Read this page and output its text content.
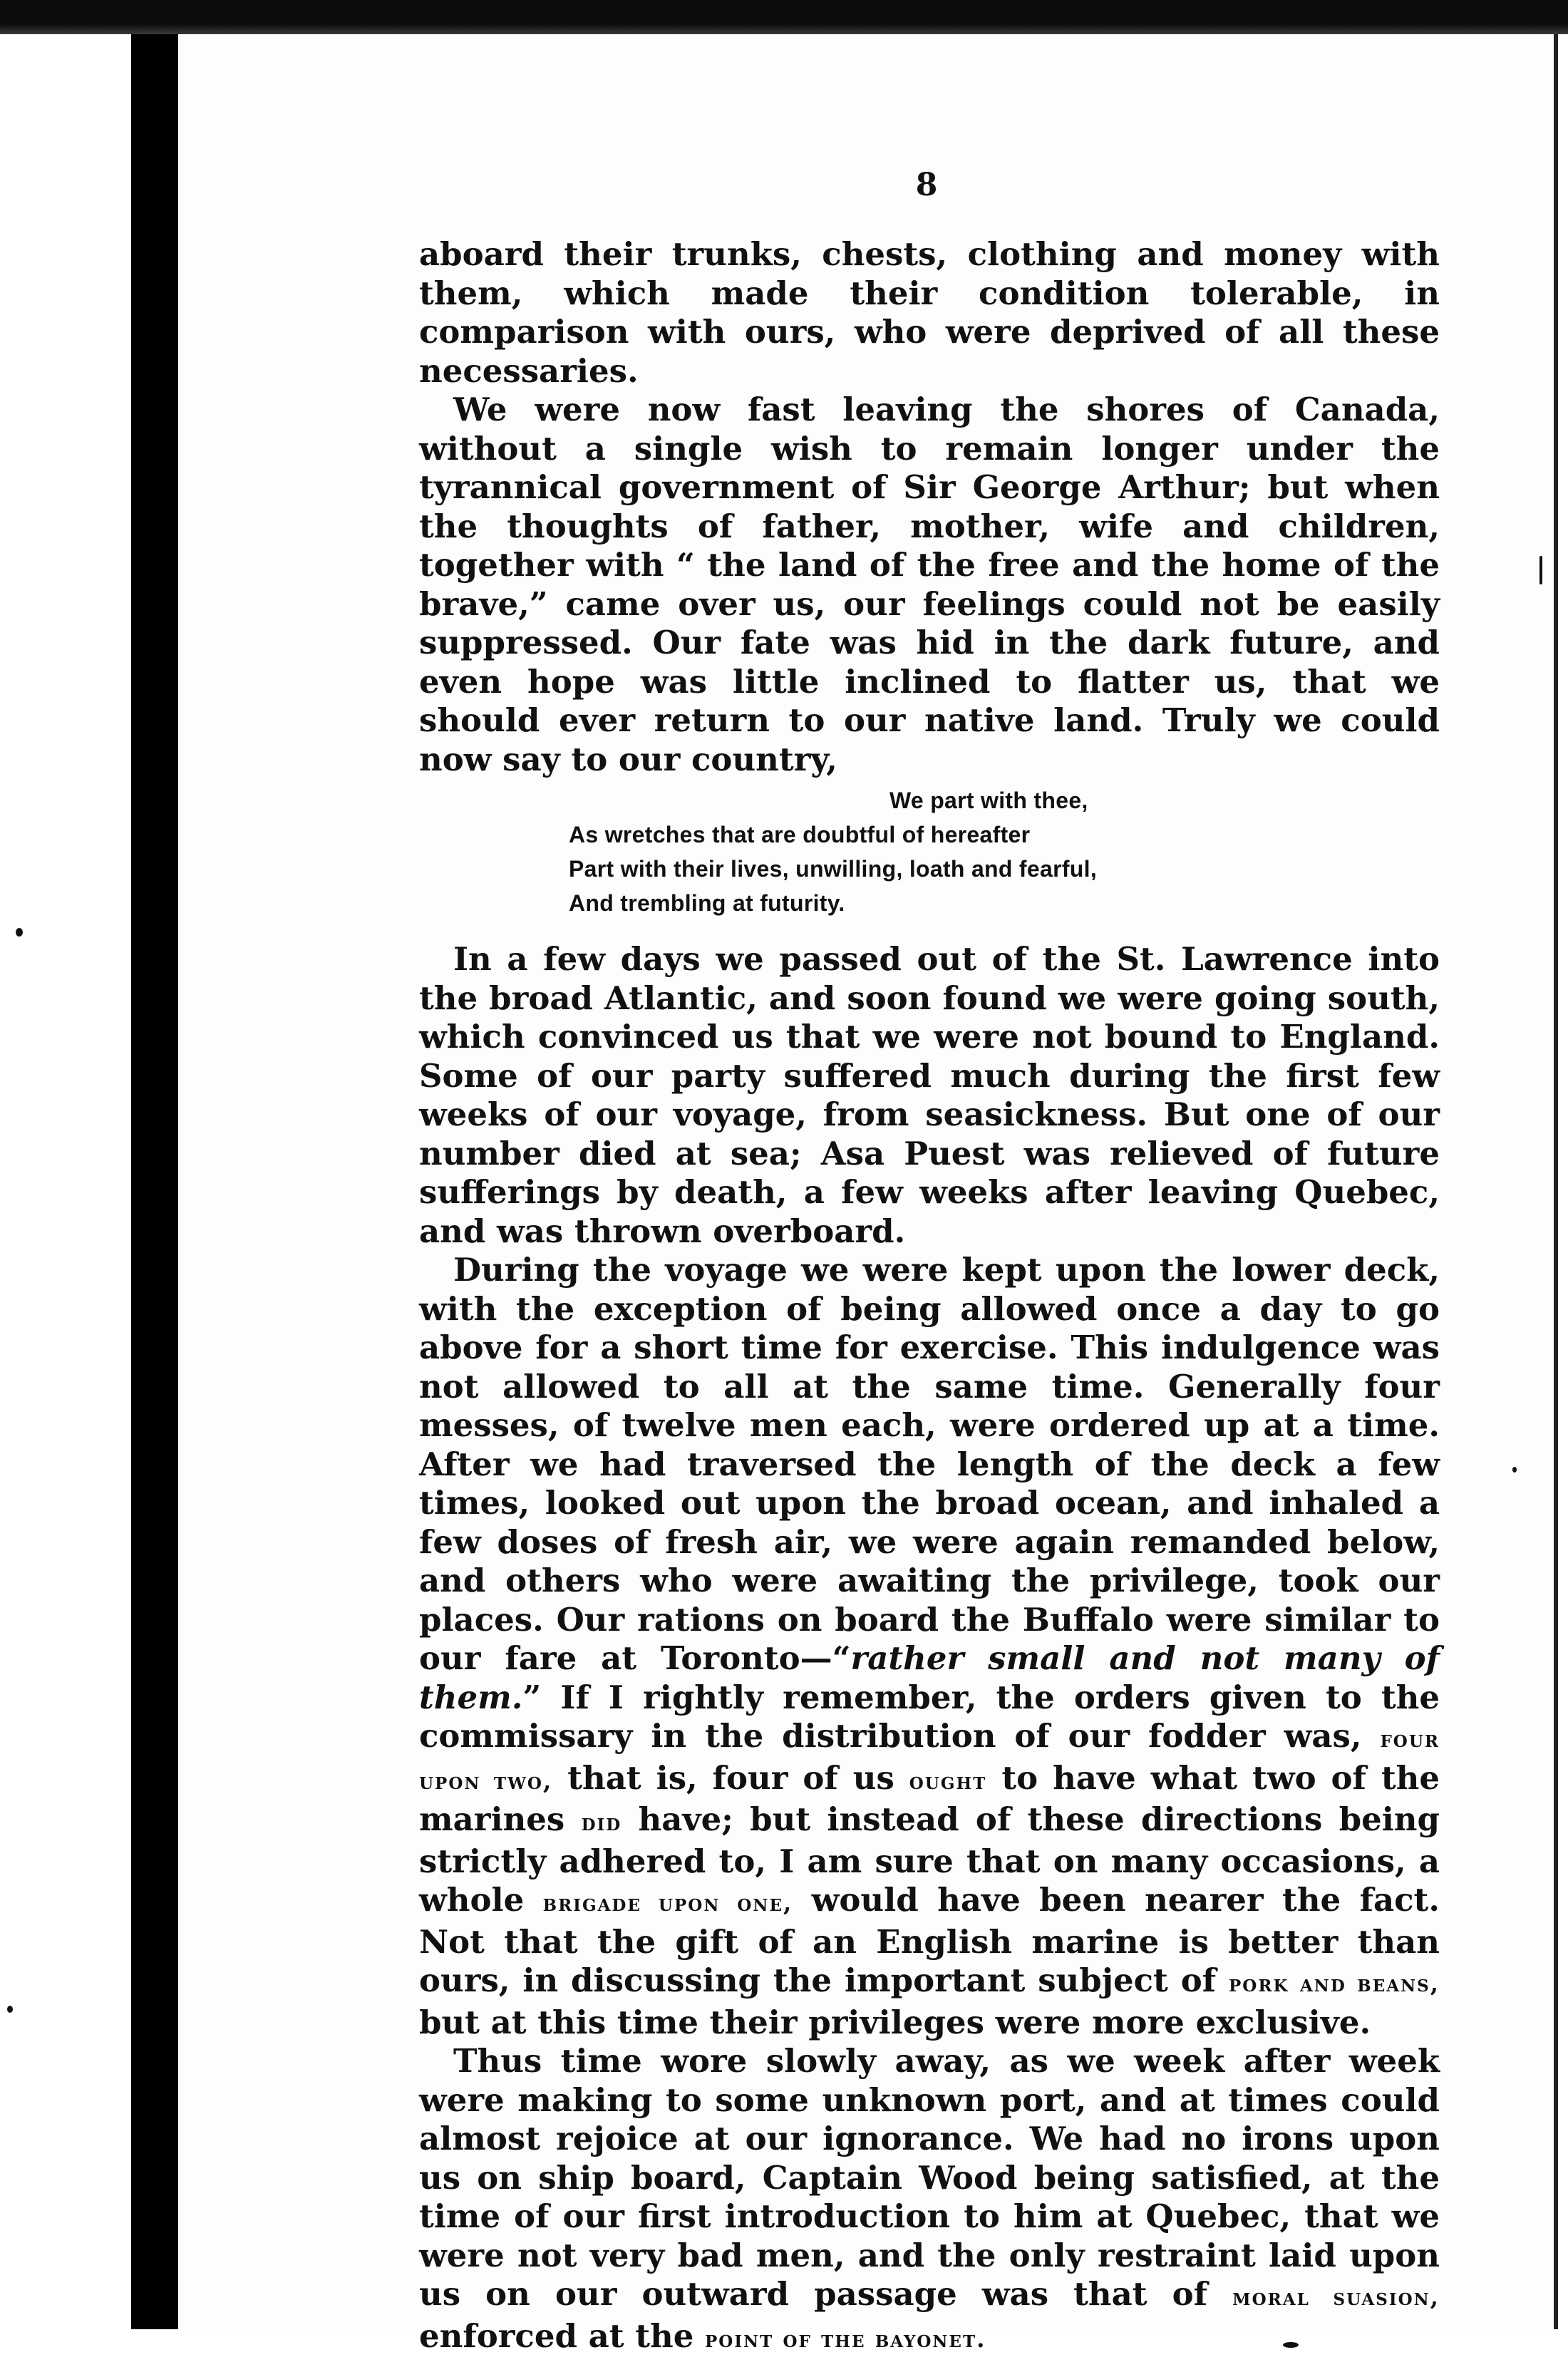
8

aboard their trunks, chests, clothing and money with them, which made their condition tolerable, in comparison with ours, who were deprived of all these necessaries.

We were now fast leaving the shores of Canada, without a single wish to remain longer under the tyrannical government of Sir George Arthur; but when the thoughts of father, mother, wife and children, together with “ the land of the free and the home of the brave,” came over us, our feelings could not be easily suppressed. Our fate was hid in the dark future, and even hope was little inclined to flatter us, that we should ever return to our native land. Truly we could now say to our country,

We part with thee,
As wretches that are doubtful of hereafter
Part with their lives, unwilling, loath and fearful,
And trembling at futurity.

In a few days we passed out of the St. Lawrence into the broad Atlantic, and soon found we were going south, which convinced us that we were not bound to England. Some of our party suffered much during the first few weeks of our voyage, from seasickness. But one of our number died at sea; Asa Puest was relieved of future sufferings by death, a few weeks after leaving Quebec, and was thrown overboard.

During the voyage we were kept upon the lower deck, with the exception of being allowed once a day to go above for a short time for exercise. This indulgence was not allowed to all at the same time. Generally four messes, of twelve men each, were ordered up at a time. After we had traversed the length of the deck a few times, looked out upon the broad ocean, and inhaled a few doses of fresh air, we were again remanded below, and others who were awaiting the privilege, took our places. Our rations on board the Buffalo were similar to our fare at Toronto—“rather small and not many of them.” If I rightly remember, the orders given to the commissary in the distribution of our fodder was, four upon two, that is, four of us ought to have what two of the marines did have; but instead of these directions being strictly adhered to, I am sure that on many occasions, a whole brigade upon one, would have been nearer the fact. Not that the gift of an English marine is better than ours, in discussing the important subject of pork and beans, but at this time their privileges were more exclusive.

Thus time wore slowly away, as we week after week were making to some unknown port, and at times could almost rejoice at our ignorance. We had no irons upon us on ship board, Captain Wood being satisfied, at the time of our first introduction to him at Quebec, that we were not very bad men, and the only restraint laid upon us on our outward passage was that of moral suasion, enforced at the point of the bayonet.
